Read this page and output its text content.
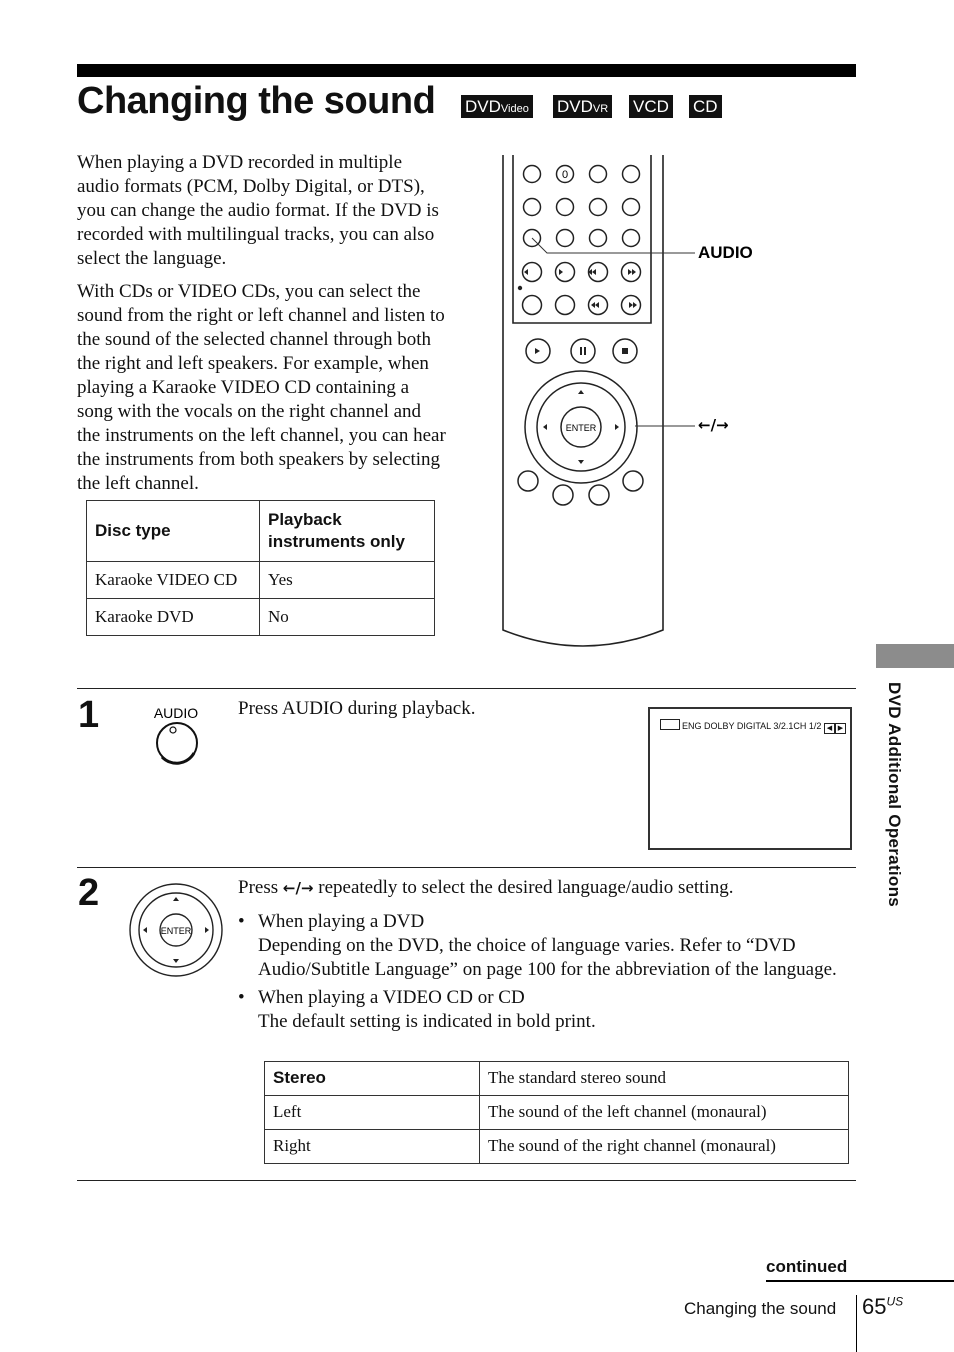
Changing the sound DVDVideo DVDVR VCD CD

When playing a DVD recorded in multiple audio formats (PCM, Dolby Digital, or DTS), you can change the audio format. If the DVD is recorded with multilingual tracks, you can also select the language.

With CDs or VIDEO CDs, you can select the sound from the right or left channel and listen to the sound of the selected channel through both the right and left speakers. For example, when playing a Karaoke VIDEO CD containing a song with the vocals on the right channel and the instruments on the left channel, you can hear the instruments from both speakers by selecting the left channel.

Disc type	Playback instruments only
Karaoke VIDEO CD	Yes
Karaoke DVD	No
0
ENTER
AUDIO
←/→
1	AUDIO Press AUDIO during playback.
ENG DOLBY DIGITAL 3/2.1CH 1/2 ◀ ▶
2
ENTER
Press ←/→ repeatedly to select the desired language/audio setting.
• When playing a DVD
Depending on the DVD, the choice of language varies. Refer to “DVD Audio/Subtitle Language” on page 100 for the abbreviation of the language.
• When playing a VIDEO CD or CD
The default setting is indicated in bold print.
Stereo	The standard stereo sound
Left	The sound of the left channel (monaural)
Right	The sound of the right channel (monaural)
DVD Additional Operations
continued
Changing the sound $65^{US}$
